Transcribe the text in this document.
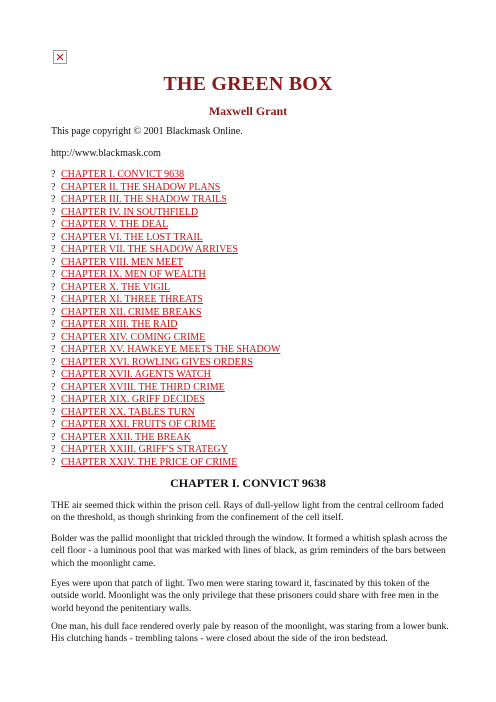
THE GREEN BOX
Maxwell Grant
This page copyright © 2001 Blackmask Online.
http://www.blackmask.com
? CHAPTER I. CONVICT 9638
? CHAPTER II. THE SHADOW PLANS
? CHAPTER III. THE SHADOW TRAILS
? CHAPTER IV. IN SOUTHFIELD
? CHAPTER V. THE DEAL
? CHAPTER VI. THE LOST TRAIL
? CHAPTER VII. THE SHADOW ARRIVES
? CHAPTER VIII. MEN MEET
? CHAPTER IX. MEN OF WEALTH
? CHAPTER X. THE VIGIL
? CHAPTER XI. THREE THREATS
? CHAPTER XII. CRIME BREAKS
? CHAPTER XIII. THE RAID
? CHAPTER XIV. COMING CRIME
? CHAPTER XV. HAWKEYE MEETS THE SHADOW
? CHAPTER XVI. ROWLING GIVES ORDERS
? CHAPTER XVII. AGENTS WATCH
? CHAPTER XVIII. THE THIRD CRIME
? CHAPTER XIX. GRIFF DECIDES
? CHAPTER XX. TABLES TURN
? CHAPTER XXI. FRUITS OF CRIME
? CHAPTER XXII. THE BREAK
? CHAPTER XXIII. GRIFF'S STRATEGY
? CHAPTER XXIV. THE PRICE OF CRIME
CHAPTER I. CONVICT 9638

THE air seemed thick within the prison cell. Rays of dull-yellow light from the central cellroom faded on the threshold, as though shrinking from the confinement of the cell itself.

Bolder was the pallid moonlight that trickled through the window. It formed a whitish splash across the cell floor - a luminous pool that was marked with lines of black, as grim reminders of the bars between which the moonlight came.

Eyes were upon that patch of light. Two men were staring toward it, fascinated by this token of the outside world. Moonlight was the only privilege that these prisoners could share with free men in the world beyond the penitentiary walls.

One man, his dull face rendered overly pale by reason of the moonlight, was staring from a lower bunk. His clutching hands - trembling talons - were closed about the side of the iron bedstead.
